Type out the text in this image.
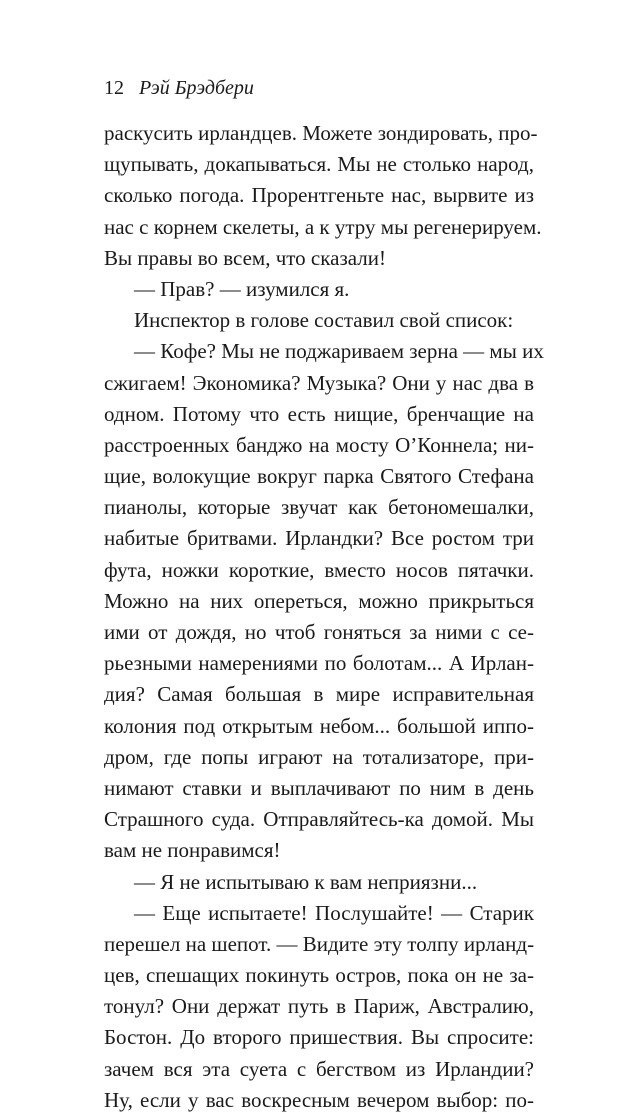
12 Рэй Брэдбери
раскусить ирландцев. Можете зондировать, про-
щупывать, докапываться. Мы не столько народ,
сколько погода. Прорентгеньте нас, вырвите из
нас с корнем скелеты, а к утру мы регенерируем.
Вы правы во всем, что сказали!
— Прав? — изумился я.
Инспектор в голове составил свой список:
— Кофе? Мы не поджариваем зерна — мы их
сжигаем! Экономика? Музыка? Они у нас два в
одном. Потому что есть нищие, бренчащие на
расстроенных банджо на мосту О’Коннела; ни-
щие, волокущие вокруг парка Святого Стефана
пианолы, которые звучат как бетономешалки,
набитые бритвами. Ирландки? Все ростом три
фута, ножки короткие, вместо носов пятачки.
Можно на них опереться, можно прикрыться
ими от дождя, но чтоб гоняться за ними с се-
рьезными намерениями по болотам... А Ирлан-
дия? Самая большая в мире исправительная
колония под открытым небом... большой иппо-
дром, где попы играют на тотализаторе, при-
нимают ставки и выплачивают по ним в день
Страшного суда. Отправляйтесь-ка домой. Мы
вам не понравимся!
— Я не испытываю к вам неприязни...
— Еще испытаете! Послушайте! — Старик
перешел на шепот. — Видите эту толпу ирланд-
цев, спешащих покинуть остров, пока он не за-
тонул? Они держат путь в Париж, Австралию,
Бостон. До второго пришествия. Вы спросите:
зачем вся эта суета с бегством из Ирландии?
Ну, если у вас воскресным вечером выбор: по-
